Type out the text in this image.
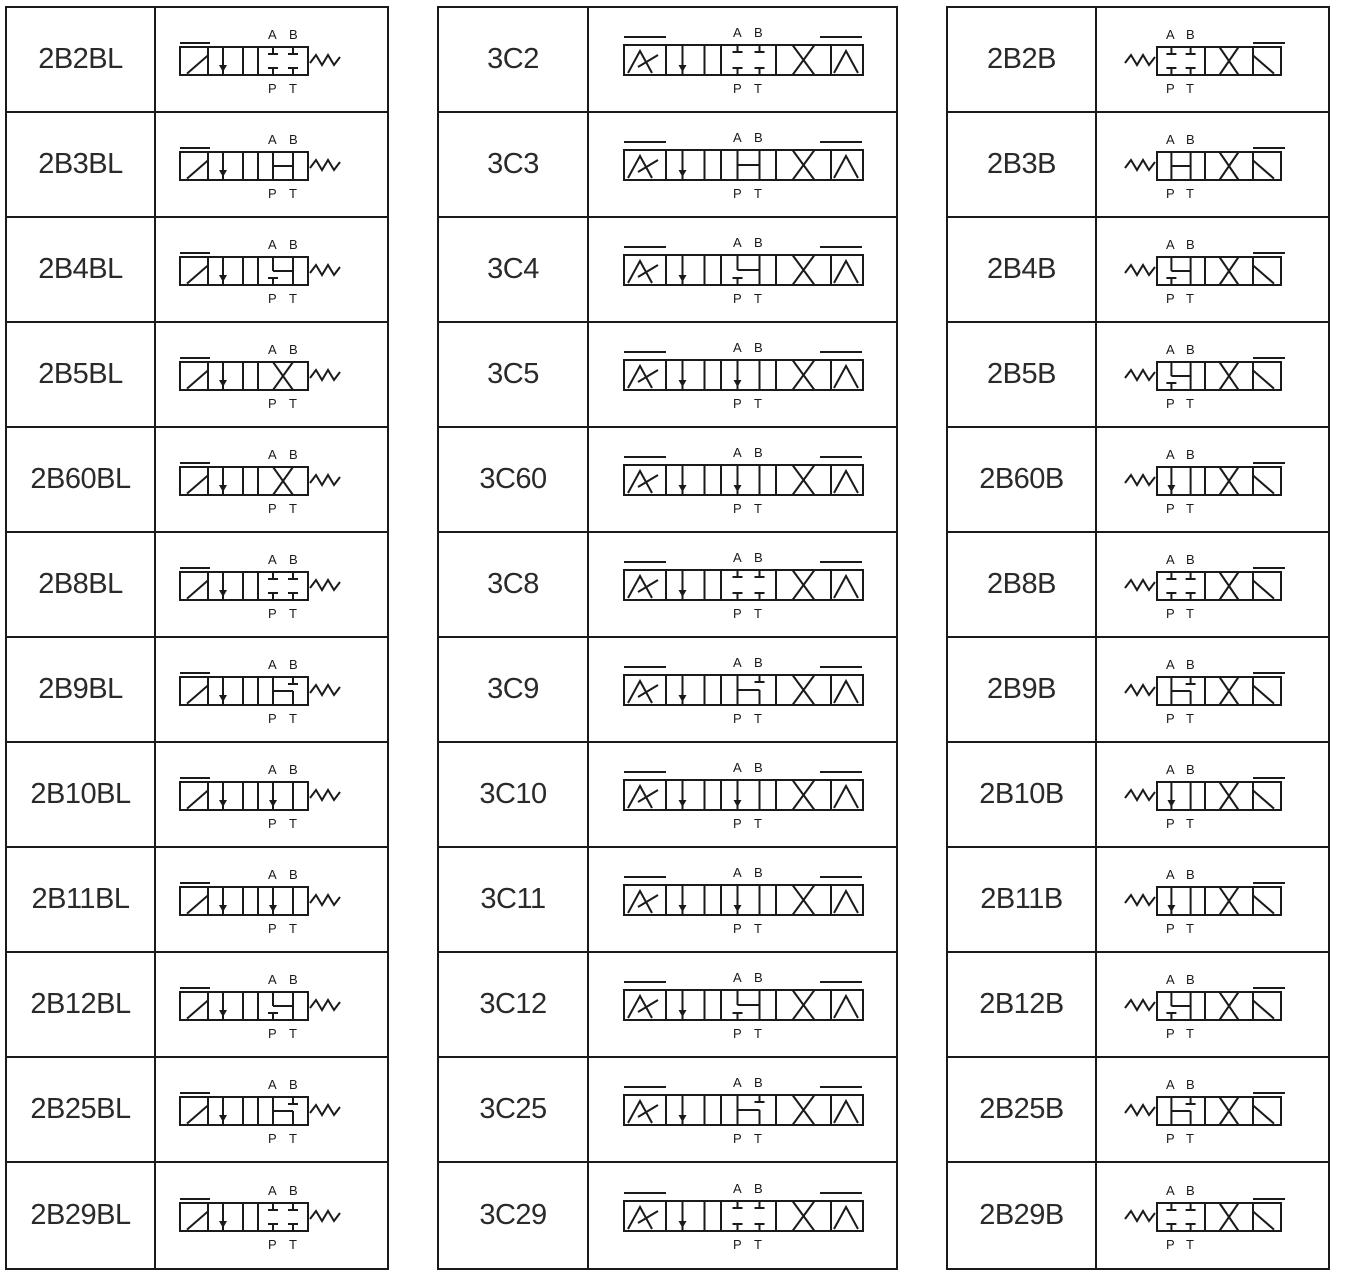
2B2BL
A B
P T
2B3BL
A B
P T
2B4BL
A B
P T
2B5BL
A B
P T
2B60BL
A B
P T
2B8BL
A B
P T
2B9BL
A B
P T
2B10BL
A B
P T
2B11BL
A B
P T
2B12BL
A B
P T
2B25BL
A B
P T
2B29BL
A B
P T
3C2
A B
P T
3C3
A B
P T
3C4
A B
P T
3C5
A B
P T
3C60
A B
P T
3C8
A B
P T
3C9
A B
P T
3C10
A B
P T
3C11
A B
P T
3C12
A B
P T
3C25
A B
P T
3C29
A B
P T
2B2B
A B
P T
2B3B
A B
P T
2B4B
A B
P T
2B5B
A B
P T
2B60B
A B
P T
2B8B
A B
P T
2B9B
A B
P T
2B10B
A B
P T
2B11B
A B
P T
2B12B
A B
P T
2B25B
A B
P T
2B29B
A B
P T
